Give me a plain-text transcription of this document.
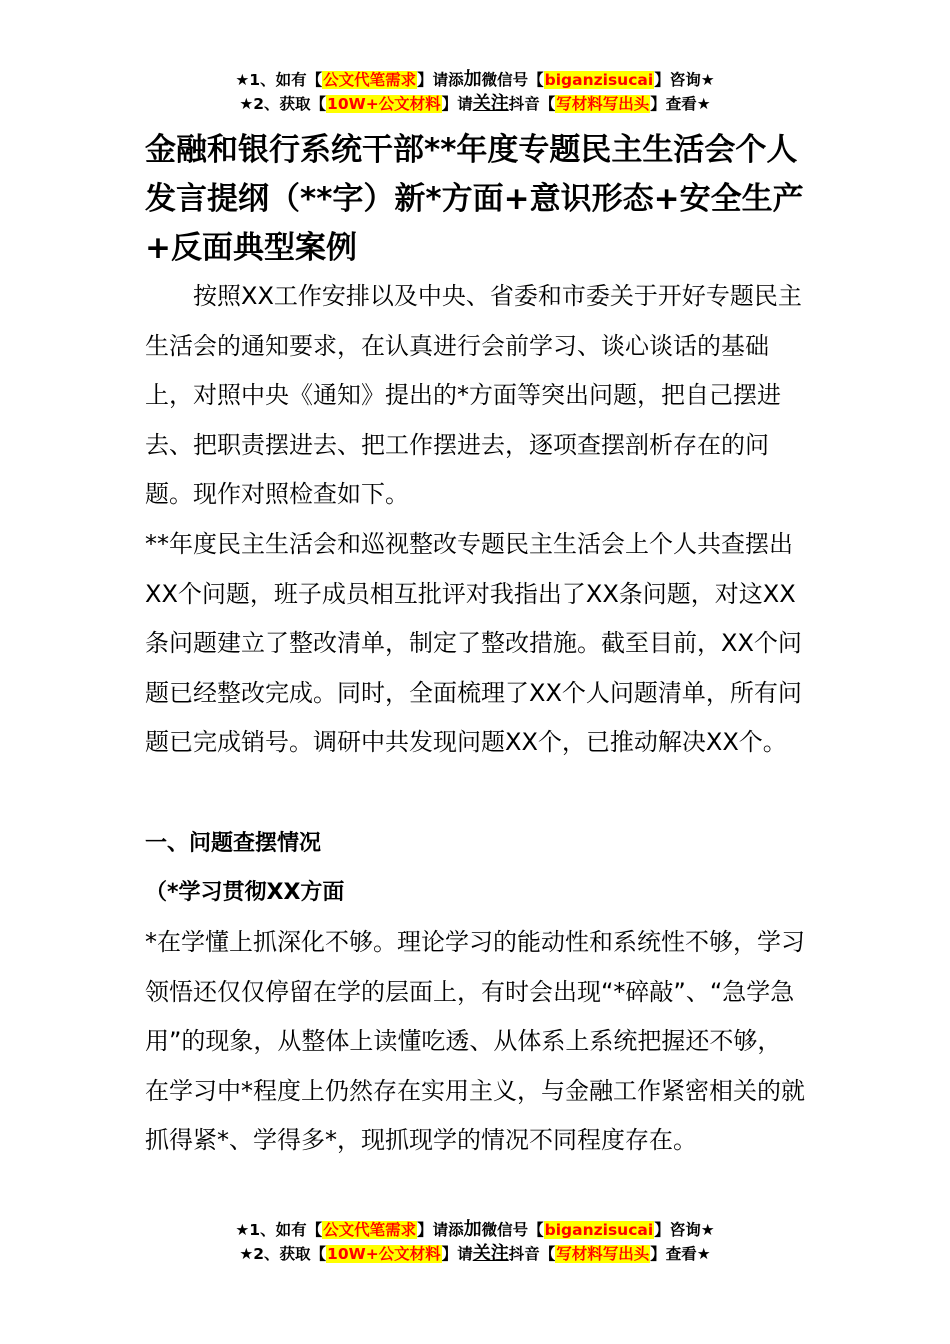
★1、如有【公文代笔需求】请添加微信号【biganzisucai】咨询★
★2、获取【10W+公文材料】请关注抖音【写材料写出头】查看★
金融和银行系统干部**年度专题民主生活会个人发言提纲（**字）新*方面+意识形态+安全生产+反面典型案例
按照XX工作安排以及中央、省委和市委关于开好专题民主生活会的通知要求，在认真进行会前学习、谈心谈话的基础上，对照中央《通知》提出的*方面等突出问题，把自己摆进去、把职责摆进去、把工作摆进去，逐项查摆剖析存在的问题。现作对照检查如下。
**年度民主生活会和巡视整改专题民主生活会上个人共查摆出XX个问题，班子成员相互批评对我指出了XX条问题，对这XX条问题建立了整改清单，制定了整改措施。截至目前，XX个问题已经整改完成。同时，全面梳理了XX个人问题清单，所有问题已完成销号。调研中共发现问题XX个，已推动解决XX个。
一、问题查摆情况
（*学习贯彻XX方面
*在学懂上抓深化不够。理论学习的能动性和系统性不够，学习领悟还仅仅停留在学的层面上，有时会出现“*碎敲”、“急学急用”的现象，从整体上读懂吃透、从体系上系统把握还不够，在学习中*程度上仍然存在实用主义，与金融工作紧密相关的就抓得紧*、学得多*，现抓现学的情况不同程度存在。
★1、如有【公文代笔需求】请添加微信号【biganzisucai】咨询★
★2、获取【10W+公文材料】请关注抖音【写材料写出头】查看★
